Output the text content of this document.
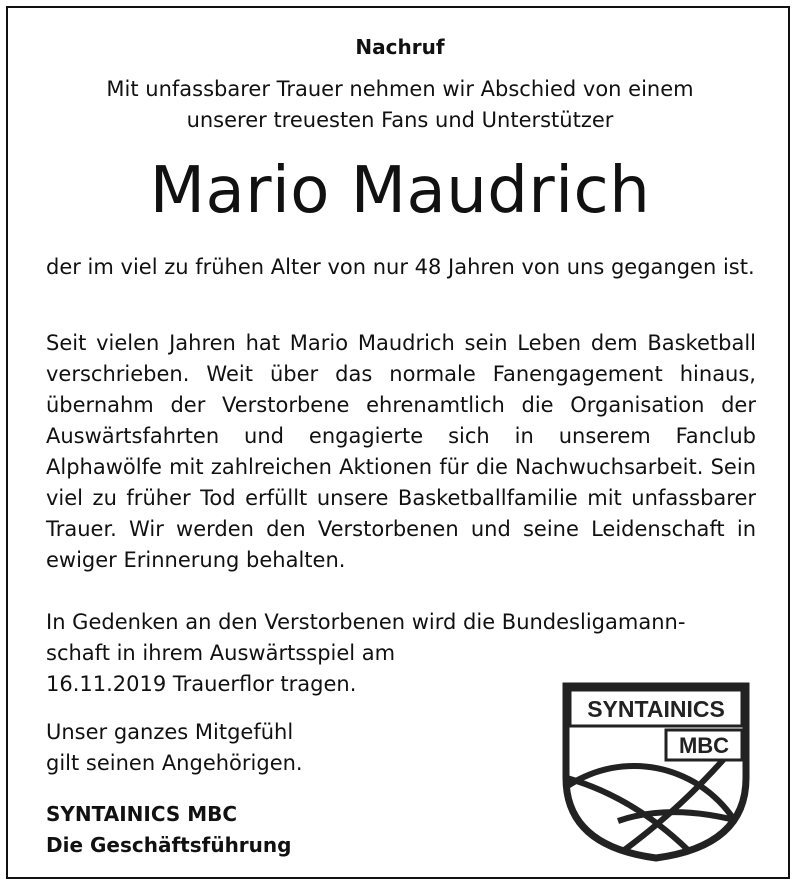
Nachruf
Mit unfassbarer Trauer nehmen wir Abschied von einem
unserer treuesten Fans und Unterstützer
Mario Maudrich
der im viel zu frühen Alter von nur 48 Jahren von uns gegangen ist.
Seit vielen Jahren hat Mario Maudrich sein Leben dem Basketball verschrieben. Weit über das normale Fanengagement hinaus, übernahm der Verstorbene ehrenamtlich die Organisation der Auswärtsfahrten und engagierte sich in unserem Fanclub Alphawölfe mit zahlreichen Aktionen für die Nachwuchsarbeit. Sein viel zu früher Tod erfüllt unsere Basketballfamilie mit unfassbarer Trauer. Wir werden den Verstorbenen und seine Leidenschaft in ewiger Erinnerung behalten.
In Gedenken an den Verstorbenen wird die Bundesligamann-
schaft in ihrem Auswärtsspiel am
16.11.2019 Trauerflor tragen.
Unser ganzes Mitgefühl
gilt seinen Angehörigen.
SYNTAINICS MBC
Die Geschäftsführung
SYNTAINICS
MBC
